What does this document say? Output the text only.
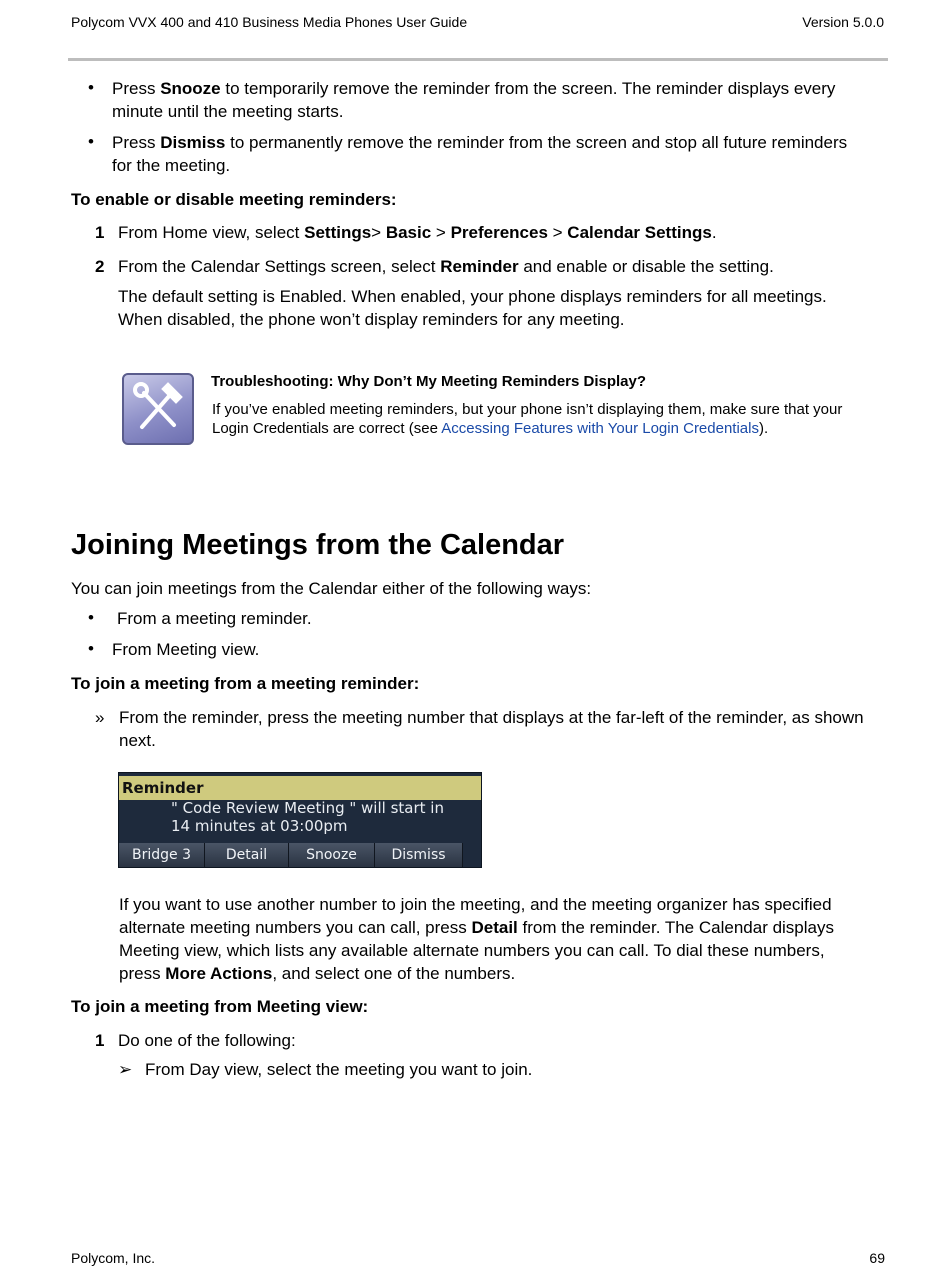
Polycom VVX 400 and 410 Business Media Phones User Guide	Version 5.0.0
• Press Snooze to temporarily remove the reminder from the screen. The reminder displays every
minute until the meeting starts.
• Press Dismiss to permanently remove the reminder from the screen and stop all future reminders
for the meeting.
To enable or disable meeting reminders:
1 From Home view, select Settings> Basic > Preferences > Calendar Settings.
2 From the Calendar Settings screen, select Reminder and enable or disable the setting.
The default setting is Enabled. When enabled, your phone displays reminders for all meetings.
When disabled, the phone won’t display reminders for any meeting.
Troubleshooting: Why Don’t My Meeting Reminders Display?
If you’ve enabled meeting reminders, but your phone isn’t displaying them, make sure that your
Login Credentials are correct (see Accessing Features with Your Login Credentials).
Joining Meetings from the Calendar
You can join meetings from the Calendar either of the following ways:
• From a meeting reminder.
• From Meeting view.
To join a meeting from a meeting reminder:
» From the reminder, press the meeting number that displays at the far-left of the reminder, as shown
next.
Reminder
" Code Review Meeting " will start in
14 minutes at 03:00pm
Bridge 3	Detail	Snooze	Dismiss
If you want to use another number to join the meeting, and the meeting organizer has specified
alternate meeting numbers you can call, press Detail from the reminder. The Calendar displays
Meeting view, which lists any available alternate numbers you can call. To dial these numbers,
press More Actions, and select one of the numbers.
To join a meeting from Meeting view:
1 Do one of the following:
➢ From Day view, select the meeting you want to join.
Polycom, Inc.	69
